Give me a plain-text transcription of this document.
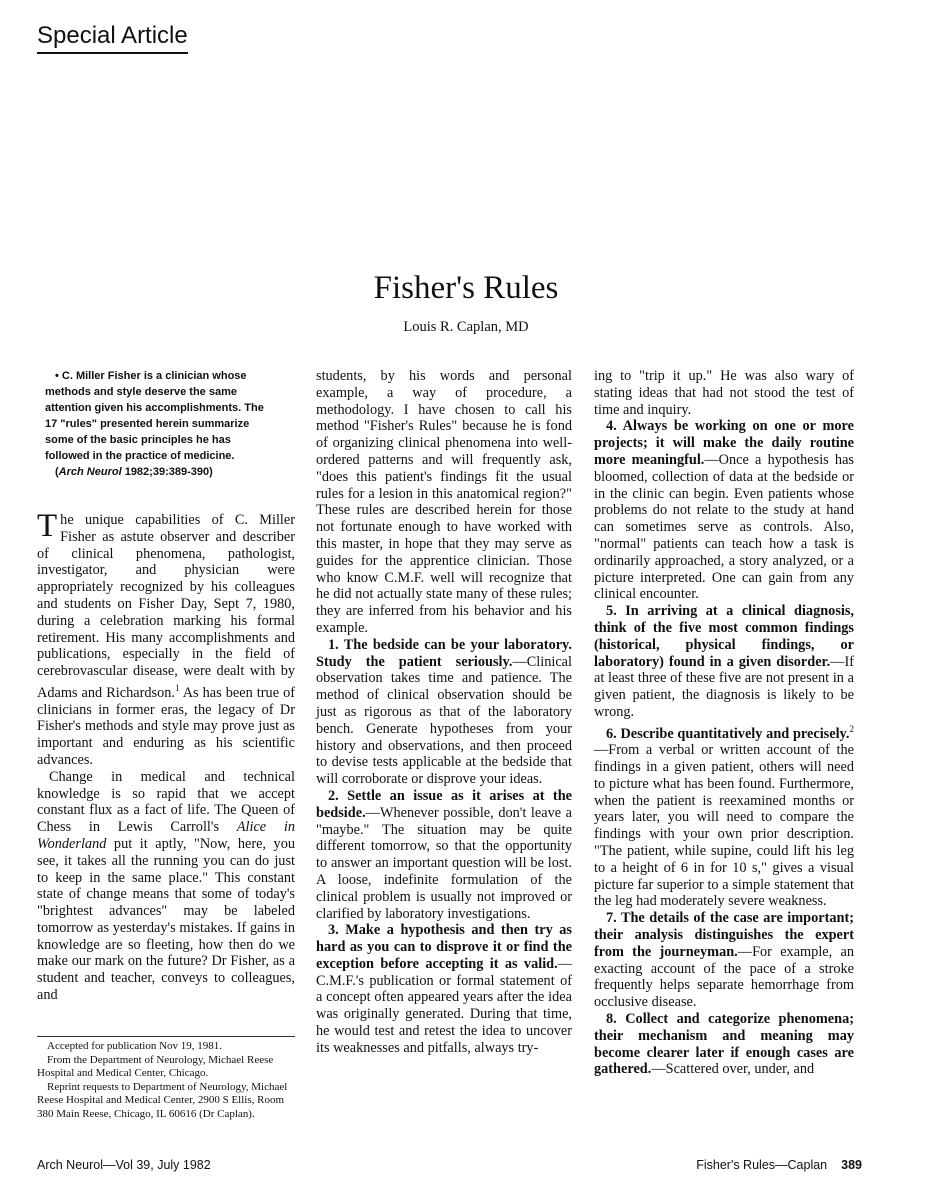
Special Article
Fisher's Rules
Louis R. Caplan, MD

• C. Miller Fisher is a clinician whose methods and style deserve the same attention given his accomplishments. The 17 "rules" presented herein summarize some of the basic principles he has followed in the practice of medicine.

(Arch Neurol 1982;39:389-390)

The unique capabilities of C. Miller Fisher as astute observer and describer of clinical phenomena, pathologist, investigator, and physician were appropriately recognized by his colleagues and students on Fisher Day, Sept 7, 1980, during a celebration marking his formal retirement. His many accomplishments and publications, especially in the field of cerebrovascular disease, were dealt with by Adams and Richardson.$^1$ As has been true of clinicians in former eras, the legacy of Dr Fisher's methods and style may prove just as important and enduring as his scientific advances.

Change in medical and technical knowledge is so rapid that we accept constant flux as a fact of life. The Queen of Chess in Lewis Carroll's Alice in Wonderland put it aptly, "Now, here, you see, it takes all the running you can do just to keep in the same place." This constant state of change means that some of today's "brightest advances" may be labeled tomorrow as yesterday's mistakes. If gains in knowledge are so fleeting, how then do we make our mark on the future? Dr Fisher, as a student and teacher, conveys to colleagues, and

students, by his words and personal example, a way of procedure, a methodology. I have chosen to call his method "Fisher's Rules" because he is fond of organizing clinical phenomena into well-ordered patterns and will frequently ask, "does this patient's findings fit the usual rules for a lesion in this anatomical region?" These rules are described herein for those not fortunate enough to have worked with this master, in hope that they may serve as guides for the apprentice clinician. Those who know C.M.F. well will recognize that he did not actually state many of these rules; they are inferred from his behavior and his example.

1. The bedside can be your laboratory. Study the patient seriously.—Clinical observation takes time and patience. The method of clinical observation should be just as rigorous as that of the laboratory bench. Generate hypotheses from your history and observations, and then proceed to devise tests applicable at the bedside that will corroborate or disprove your ideas.

2. Settle an issue as it arises at the bedside.—Whenever possible, don't leave a "maybe." The situation may be quite different tomorrow, so that the opportunity to answer an important question will be lost. A loose, indefinite formulation of the clinical problem is usually not improved or clarified by laboratory investigations.

3. Make a hypothesis and then try as hard as you can to disprove it or find the exception before accepting it as valid.—C.M.F.'s publication or formal statement of a concept often appeared years after the idea was originally generated. During that time, he would test and retest the idea to uncover its weaknesses and pitfalls, always try-

ing to "trip it up." He was also wary of stating ideas that had not stood the test of time and inquiry.

4. Always be working on one or more projects; it will make the daily routine more meaningful.—Once a hypothesis has bloomed, collection of data at the bedside or in the clinic can begin. Even patients whose problems do not relate to the study at hand can sometimes serve as controls. Also, "normal" patients can teach how a task is ordinarily approached, a story analyzed, or a picture interpreted. One can gain from any clinical encounter.

5. In arriving at a clinical diagnosis, think of the five most common findings (historical, physical findings, or laboratory) found in a given disorder.—If at least three of these five are not present in a given patient, the diagnosis is likely to be wrong.

6. Describe quantitatively and precisely.$^2$—From a verbal or written account of the findings in a given patient, others will need to picture what has been found. Furthermore, when the patient is reexamined months or years later, you will need to compare the findings with your own prior description. "The patient, while supine, could lift his leg to a height of 6 in for 10 s," gives a visual picture far superior to a simple statement that the leg had moderately severe weakness.

7. The details of the case are important; their analysis distinguishes the expert from the journeyman.—For example, an exacting account of the pace of a stroke frequently helps separate hemorrhage from occlusive disease.

8. Collect and categorize phenomena; their mechanism and meaning may become clearer later if enough cases are gathered.—Scattered over, under, and

Accepted for publication Nov 19, 1981.

From the Department of Neurology, Michael Reese Hospital and Medical Center, Chicago.

Reprint requests to Department of Neurology, Michael Reese Hospital and Medical Center, 2900 S Ellis, Room 380 Main Reese, Chicago, IL 60616 (Dr Caplan).

Arch Neurol—Vol 39, July 1982	Fisher's Rules—Caplan 389
